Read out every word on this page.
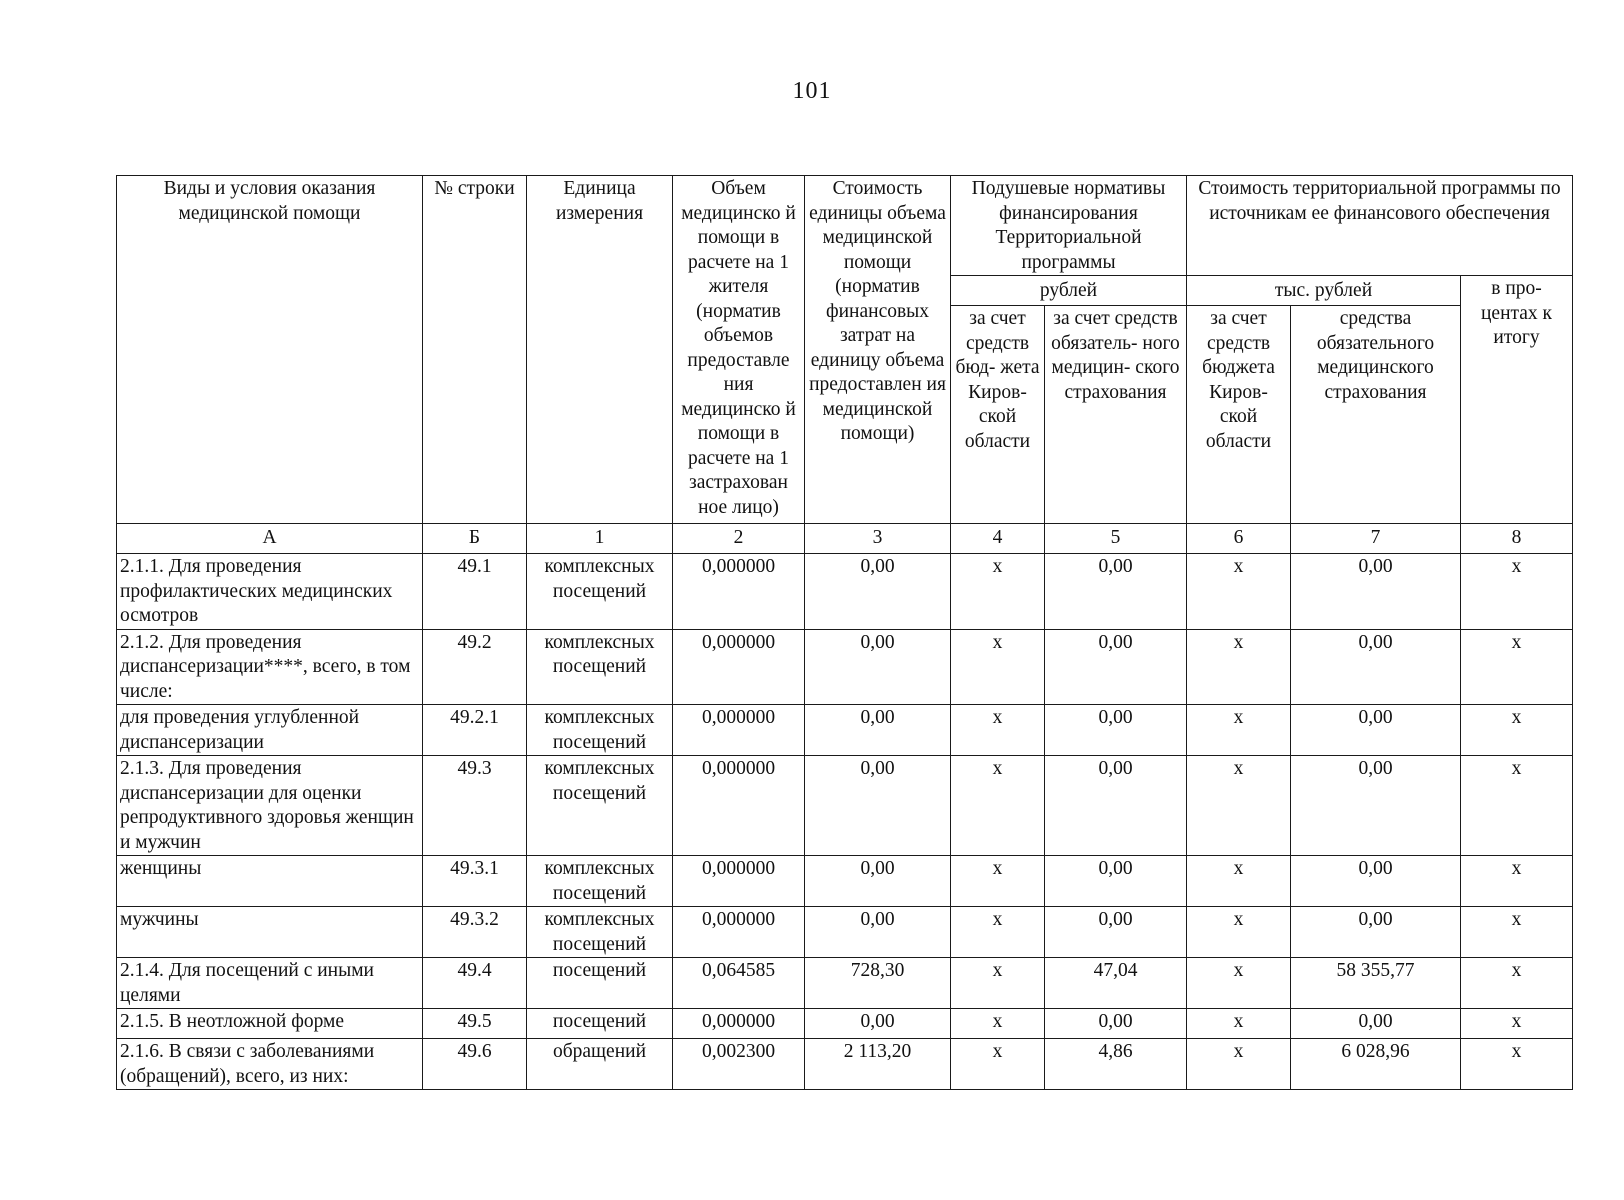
101
Виды и условия оказания медицинской помощи	№ строки	Единица измерения	Объем медицинско й помощи в расчете на 1 жителя (норматив объемов предоставле ния медицинско й помощи в расчете на 1 застрахован ное лицо)	Стоимость единицы объема медицинской помощи (норматив финансовых затрат на единицу объема предоставлен ия медицинской помощи)	Подушевые нормативы финансирования Территориальной программы		Стоимость территориальной программы по источникам ее финансового обеспечения		
					рублей		тыс. рублей		в про- центах к итогу
					за счет средств бюд- жета Киров- ской области	за счет средств обязатель- ного медицин- ского страхования	за счет средств бюджета Киров- ской области	средства обязательного медицинского страхования	
А	Б	1	2	3	4	5	6	7	8
2.1.1. Для проведения профилактических медицинских осмотров	49.1	комплексных посещений	0,000000	0,00	х	0,00	х	0,00	х
2.1.2. Для проведения диспансеризации****, всего, в том числе:	49.2	комплексных посещений	0,000000	0,00	х	0,00	х	0,00	х
для проведения углубленной диспансеризации	49.2.1	комплексных посещений	0,000000	0,00	х	0,00	х	0,00	х
2.1.3. Для проведения диспансеризации для оценки репродуктивного здоровья женщин и мужчин	49.3	комплексных посещений	0,000000	0,00	х	0,00	х	0,00	х
женщины	49.3.1	комплексных посещений	0,000000	0,00	х	0,00	х	0,00	х
мужчины	49.3.2	комплексных посещений	0,000000	0,00	х	0,00	х	0,00	х
2.1.4. Для посещений с иными целями	49.4	посещений	0,064585	728,30	х	47,04	х	58 355,77	х
2.1.5. В неотложной форме	49.5	посещений	0,000000	0,00	х	0,00	х	0,00	х
2.1.6. В связи с заболеваниями (обращений), всего, из них:	49.6	обращений	0,002300	2 113,20	х	4,86	х	6 028,96	х
